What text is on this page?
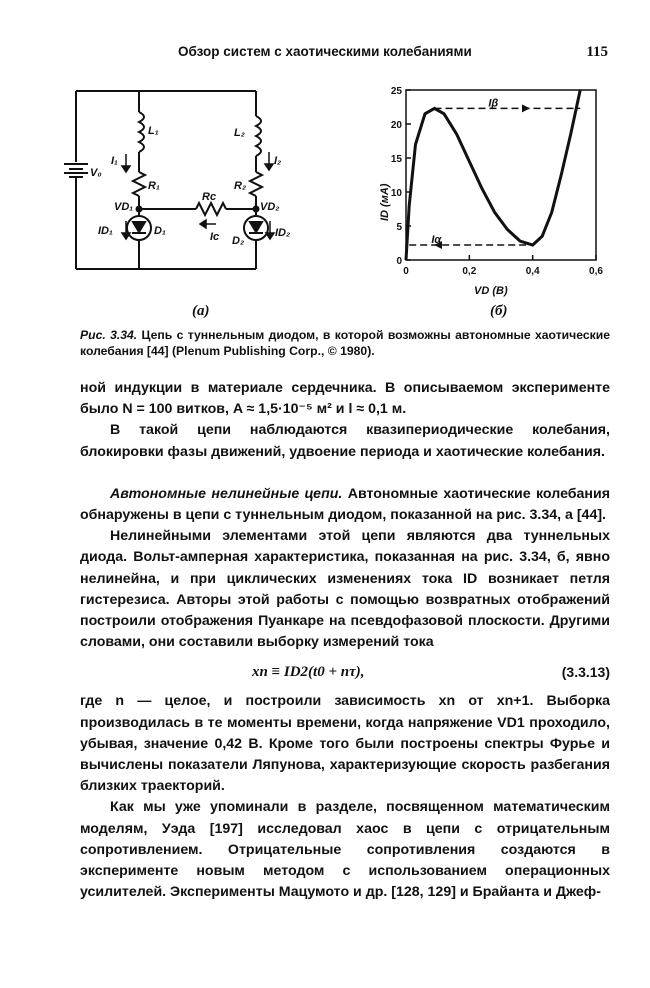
Обзор систем с хаотическими колебаниями	115
L₁	L₂
V₀
I₁	I₂
R₁	R₂
Rc
VD₁	VD₂
ID₁	ID₂
D₁
D₂
Ic
0
5
10
15
20
25
0	0,2	0,4	0,6
Iβ
Iα
ID (мА)
VD (В)
(а)	(б)
Рис. 3.34. Цепь с туннельным диодом, в которой возможны автономные хаотические колебания [44] (Plenum Publishing Corp., © 1980).

ной индукции в материале сердечника. В описываемом эксперименте было N = 100 витков, A ≈ 1,5·10⁻⁵ м² и l ≈ 0,1 м.

В такой цепи наблюдаются квазипериодические колебания, блокировки фазы движений, удвоение периода и хаотические колебания.

Автономные нелинейные цепи. Автономные хаотические колебания обнаружены в цепи с туннельным диодом, показанной на рис. 3.34, а [44].

Нелинейными элементами этой цепи являются два туннельных диода. Вольт-амперная характеристика, показанная на рис. 3.34, б, явно нелинейна, и при циклических изменениях тока ID возникает петля гистерезиса. Авторы этой работы с помощью возвратных отображений построили отображения Пуанкаре на псевдофазовой плоскости. Другими словами, они составили выборку измерений тока

xn ≡ ID2(t0 + nτ),	(3.3.13)

где n — целое, и построили зависимость xn от xn+1. Выборка производилась в те моменты времени, когда напряжение VD1 проходило, убывая, значение 0,42 В. Кроме того были построены спектры Фурье и вычислены показатели Ляпунова, характеризующие скорость разбегания близких траекторий.

Как мы уже упоминали в разделе, посвященном математическим моделям, Уэда [197] исследовал хаос в цепи с отрицательным сопротивлением. Отрицательные сопротивления создаются в эксперименте новым методом с использованием операционных усилителей. Эксперименты Мацумото и др. [128, 129] и Брайанта и Джеф-
